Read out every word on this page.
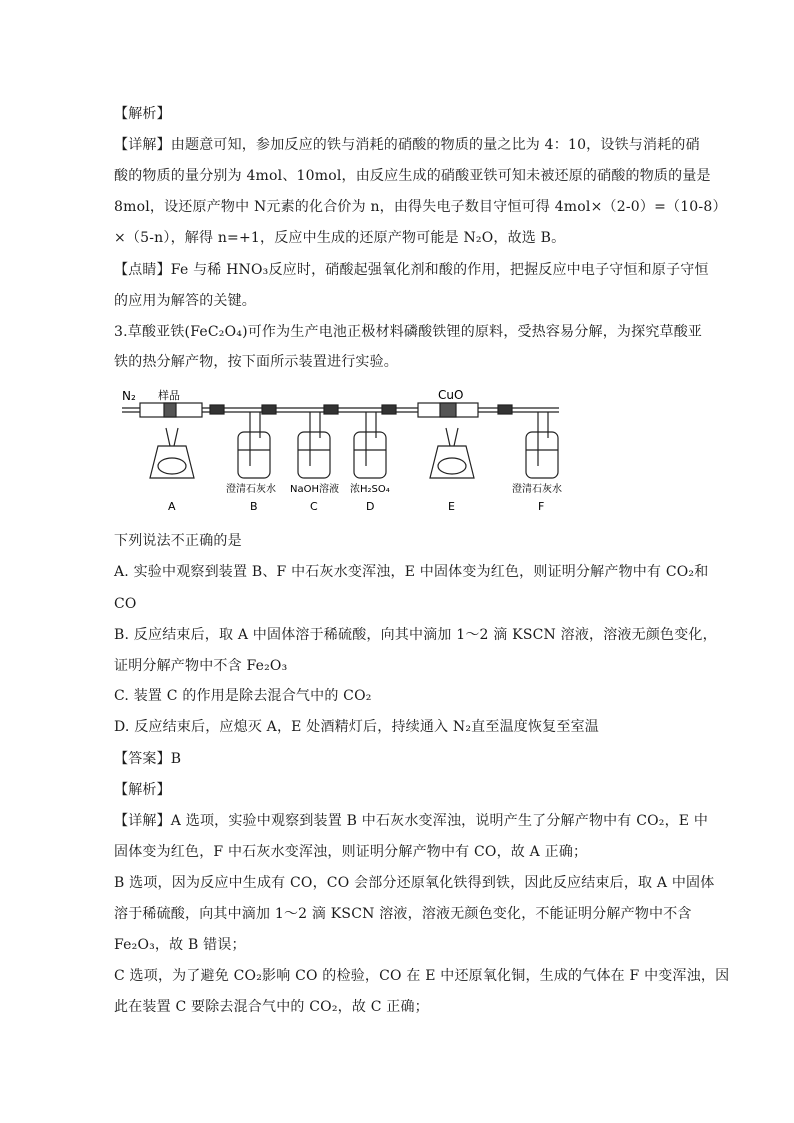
【解析】
【详解】由题意可知，参加反应的铁与消耗的硝酸的物质的量之比为 4：10，设铁与消耗的硝
酸的物质的量分别为 4mol、10mol，由反应生成的硝酸亚铁可知未被还原的硝酸的物质的量是
8mol，设还原产物中 N元素的化合价为 n，由得失电子数目守恒可得 4mol×（2-0）=（10-8）
×（5-n），解得 n=+1，反应中生成的还原产物可能是 N₂O，故选 B。
【点睛】Fe 与稀 HNO₃反应时，硝酸起强氧化剂和酸的作用，把握反应中电子守恒和原子守恒
的应用为解答的关键。
3.草酸亚铁(FeC₂O₄)可作为生产电池正极材料磷酸铁锂的原料，受热容易分解，为探究草酸亚
铁的热分解产物，按下面所示装置进行实验。
N₂ 样品	CuO
澄清石灰水 NaOH溶液 浓H₂SO₄	澄清石灰水
A	B	C	D	E	F
下列说法不正确的是
A. 实验中观察到装置 B、F 中石灰水变浑浊，E 中固体变为红色，则证明分解产物中有 CO₂和
CO
B. 反应结束后，取 A 中固体溶于稀硫酸，向其中滴加 1～2 滴 KSCN 溶液，溶液无颜色变化，
证明分解产物中不含 Fe₂O₃
C. 装置 C 的作用是除去混合气中的 CO₂
D. 反应结束后，应熄灭 A，E 处酒精灯后，持续通入 N₂直至温度恢复至室温
【答案】B
【解析】
【详解】A 选项，实验中观察到装置 B 中石灰水变浑浊，说明产生了分解产物中有 CO₂，E 中
固体变为红色，F 中石灰水变浑浊，则证明分解产物中有 CO，故 A 正确；
B 选项，因为反应中生成有 CO，CO 会部分还原氧化铁得到铁，因此反应结束后，取 A 中固体
溶于稀硫酸，向其中滴加 1～2 滴 KSCN 溶液，溶液无颜色变化，不能证明分解产物中不含
Fe₂O₃，故 B 错误；
C 选项，为了避免 CO₂影响 CO 的检验，CO 在 E 中还原氧化铜，生成的气体在 F 中变浑浊，因
此在装置 C 要除去混合气中的 CO₂，故 C 正确；
